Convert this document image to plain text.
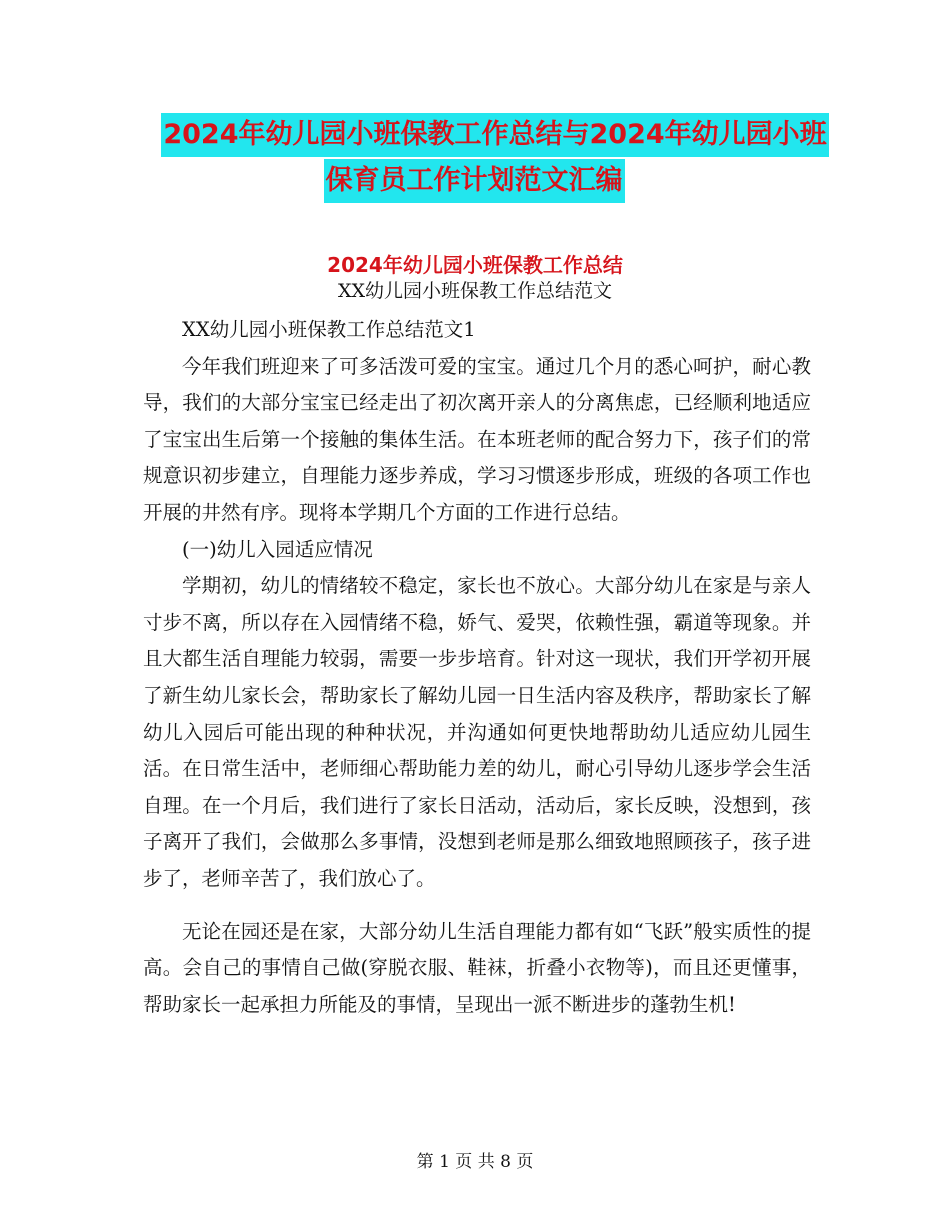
2024年幼儿园小班保教工作总结与2024年幼儿园小班
保育员工作计划范文汇编
2024年幼儿园小班保教工作总结
XX幼儿园小班保教工作总结范文

XX幼儿园小班保教工作总结范文1

今年我们班迎来了可多活泼可爱的宝宝。通过几个月的悉心呵护，耐心教导，我们的大部分宝宝已经走出了初次离开亲人的分离焦虑，已经顺利地适应了宝宝出生后第一个接触的集体生活。在本班老师的配合努力下，孩子们的常规意识初步建立，自理能力逐步养成，学习习惯逐步形成，班级的各项工作也开展的井然有序。现将本学期几个方面的工作进行总结。

(一)幼儿入园适应情况

学期初，幼儿的情绪较不稳定，家长也不放心。大部分幼儿在家是与亲人寸步不离，所以存在入园情绪不稳，娇气、爱哭，依赖性强，霸道等现象。并且大都生活自理能力较弱，需要一步步培育。针对这一现状，我们开学初开展了新生幼儿家长会，帮助家长了解幼儿园一日生活内容及秩序，帮助家长了解幼儿入园后可能出现的种种状况，并沟通如何更快地帮助幼儿适应幼儿园生活。在日常生活中，老师细心帮助能力差的幼儿，耐心引导幼儿逐步学会生活自理。在一个月后，我们进行了家长日活动，活动后，家长反映，没想到，孩子离开了我们，会做那么多事情，没想到老师是那么细致地照顾孩子，孩子进步了，老师辛苦了，我们放心了。

无论在园还是在家，大部分幼儿生活自理能力都有如“飞跃”般实质性的提高。会自己的事情自己做(穿脱衣服、鞋袜，折叠小衣物等)，而且还更懂事，帮助家长一起承担力所能及的事情，呈现出一派不断进步的蓬勃生机!

第 1 页 共 8 页
